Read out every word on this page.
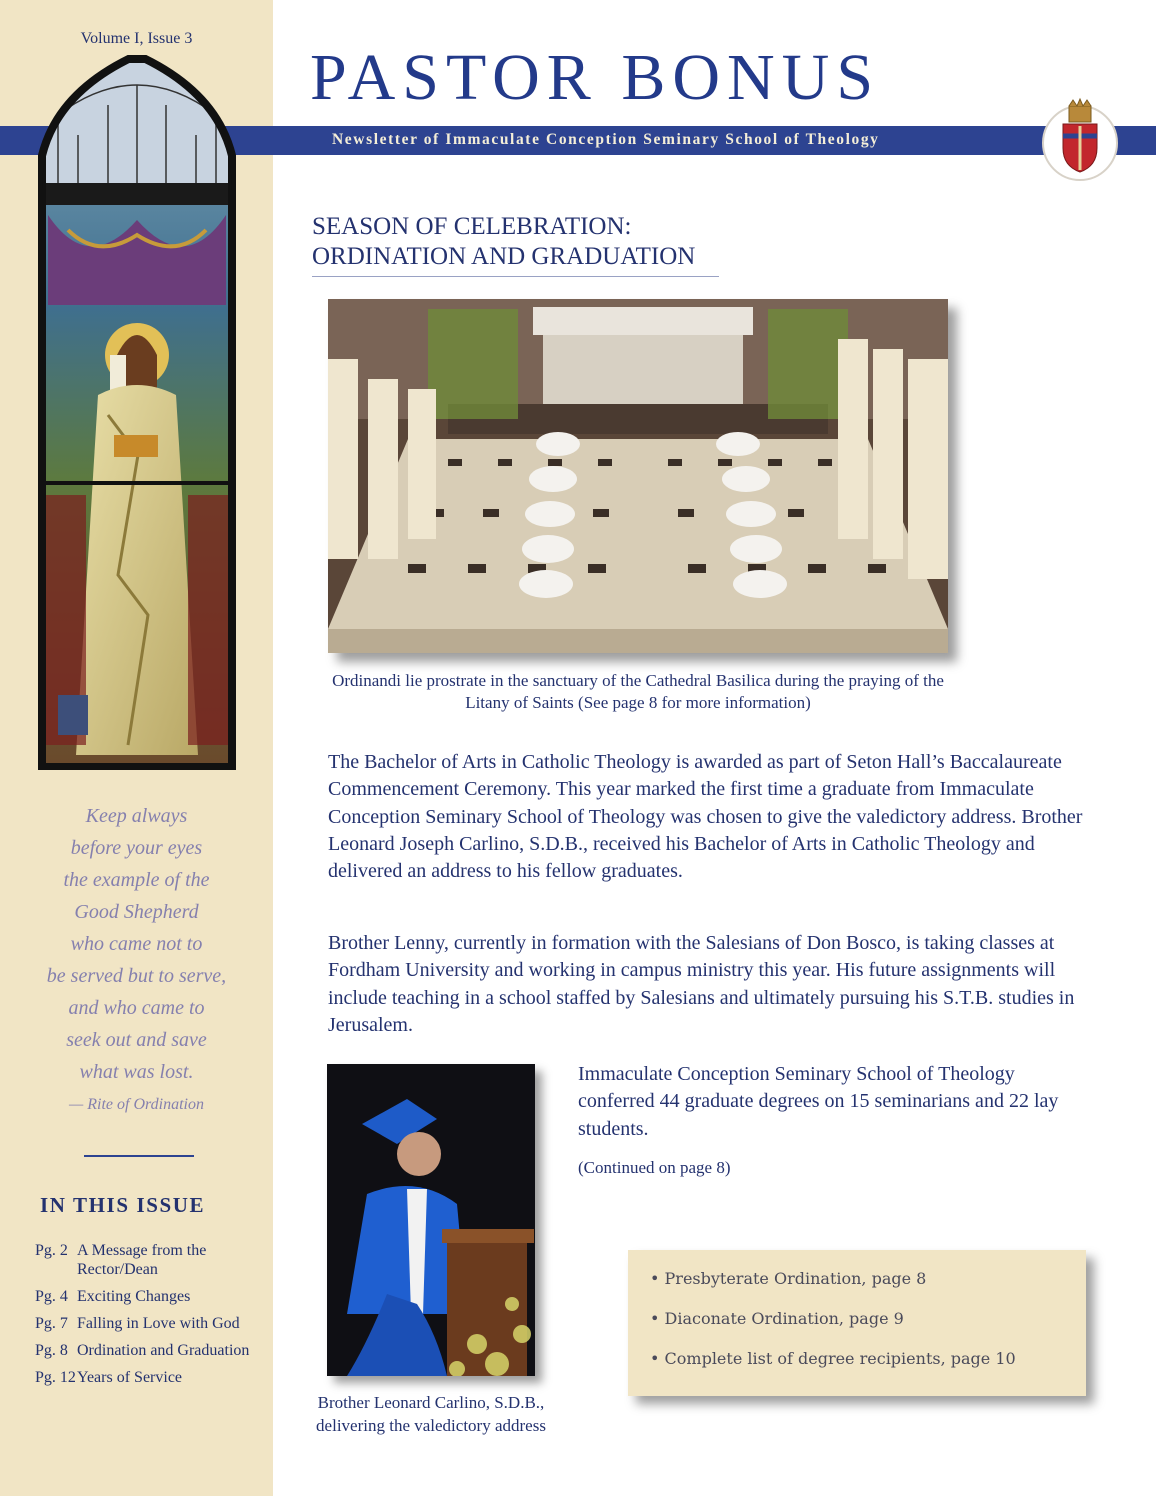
Volume I, Issue 3
Keep always
before your eyes
the example of the
Good Shepherd
who came not to
be served but to serve,
and who came to
seek out and save
what was lost.
— Rite of Ordination
IN THIS ISSUE
Pg. 2 A Message from the Rector/Dean
Pg. 4 Exciting Changes
Pg. 7 Falling in Love with God
Pg. 8 Ordination and Graduation
Pg. 12 Years of Service
PASTOR BONUS
Newsletter of Immaculate Conception Seminary School of Theology
SEASON OF CELEBRATION:
ORDINATION AND GRADUATION
Ordinandi lie prostrate in the sanctuary of the Cathedral Basilica during the praying of the Litany of Saints (See page 8 for more information)

The Bachelor of Arts in Catholic Theology is awarded as part of Seton Hall’s Baccalaureate Commencement Ceremony. This year marked the first time a graduate from Immaculate Conception Seminary School of Theology was chosen to give the valedictory address. Brother Leonard Joseph Carlino, S.D.B., received his Bachelor of Arts in Catholic Theology and delivered an address to his fellow graduates.

Brother Lenny, currently in formation with the Salesians of Don Bosco, is taking classes at Fordham University and working in campus ministry this year. His future assignments will include teaching in a school staffed by Salesians and ultimately pursuing his S.T.B. studies in Jerusalem.

Brother Leonard Carlino, S.D.B., delivering the valedictory address

Immaculate Conception Seminary School of Theology conferred 44 graduate degrees on 15 seminarians and 22 lay students.

(Continued on page 8)
• Presbyterate Ordination, page 8
• Diaconate Ordination, page 9
• Complete list of degree recipients, page 10
